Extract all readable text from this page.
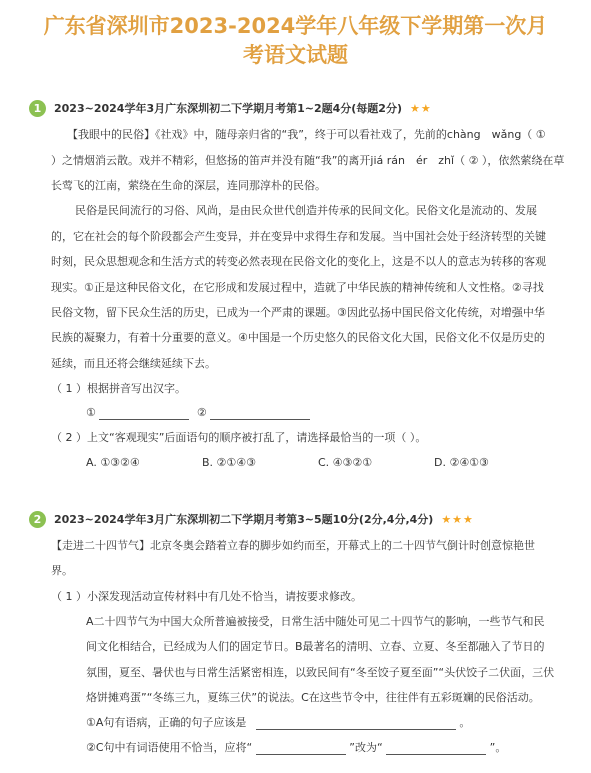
广东省深圳市2023-2024学年八年级下学期第一次月
考语文试题
1	2023~2024学年3月广东深圳初二下学期月考第1~2题4分(每题2分) ★★

【我眼中的民俗】《社戏》中，随母亲归省的“我”，终于可以看社戏了，先前的chàng　wǎng（ ①

）之情烟消云散。戏并不精彩，但悠扬的笛声并没有随“我”的离开jiá rán　ér　zhǐ（ ② ），依然萦绕在草

长莺飞的江南，萦绕在生命的深层，连同那淳朴的民俗。

民俗是民间流行的习俗、风尚，是由民众世代创造并传承的民间文化。民俗文化是流动的、发展

的，它在社会的每个阶段都会产生变异，并在变异中求得生存和发展。当中国社会处于经济转型的关键

时刻，民众思想观念和生活方式的转变必然表现在民俗文化的变化上，这是不以人的意志为转移的客观

现实。①正是这种民俗文化，在它形成和发展过程中，造就了中华民族的精神传统和人文性格。②寻找

民俗文物，留下民众生活的历史，已成为一个严肃的课题。③因此弘扬中国民俗文化传统，对增强中华

民族的凝聚力，有着十分重要的意义。④中国是一个历史悠久的民俗文化大国，民俗文化不仅是历史的

延续，而且还将会继续延续下去。

（ 1 ）根据拼音写出汉字。

①	②

（ 2 ）上文“客观现实”后面语句的顺序被打乱了，请选择最恰当的一项（ ）。

A. ①③②④	B. ②①④③	C. ④③②①	D. ②④①③
2	2023~2024学年3月广东深圳初二下学期月考第3~5题10分(2分,4分,4分) ★★★

【走进二十四节气】北京冬奥会踏着立春的脚步如约而至，开幕式上的二十四节气倒计时创意惊艳世

界。

（ 1 ）小深发现活动宣传材料中有几处不恰当，请按要求修改。

A二十四节气为中国大众所普遍被接受，日常生活中随处可见二十四节气的影响，一些节气和民

间文化相结合，已经成为人们的固定节日。B最著名的清明、立春、立夏、冬至都融入了节日的

氛围，夏至、暑伏也与日常生活紧密相连，以致民间有“冬至饺子夏至面”“头伏饺子二伏面，三伏

烙饼摊鸡蛋”“冬练三九，夏练三伏”的说法。C在这些节令中，往往伴有五彩斑斓的民俗活动。

①A句有语病，正确的句子应该是	。
②C句中有词语使用不恰当，应将“	”改为“	”。
